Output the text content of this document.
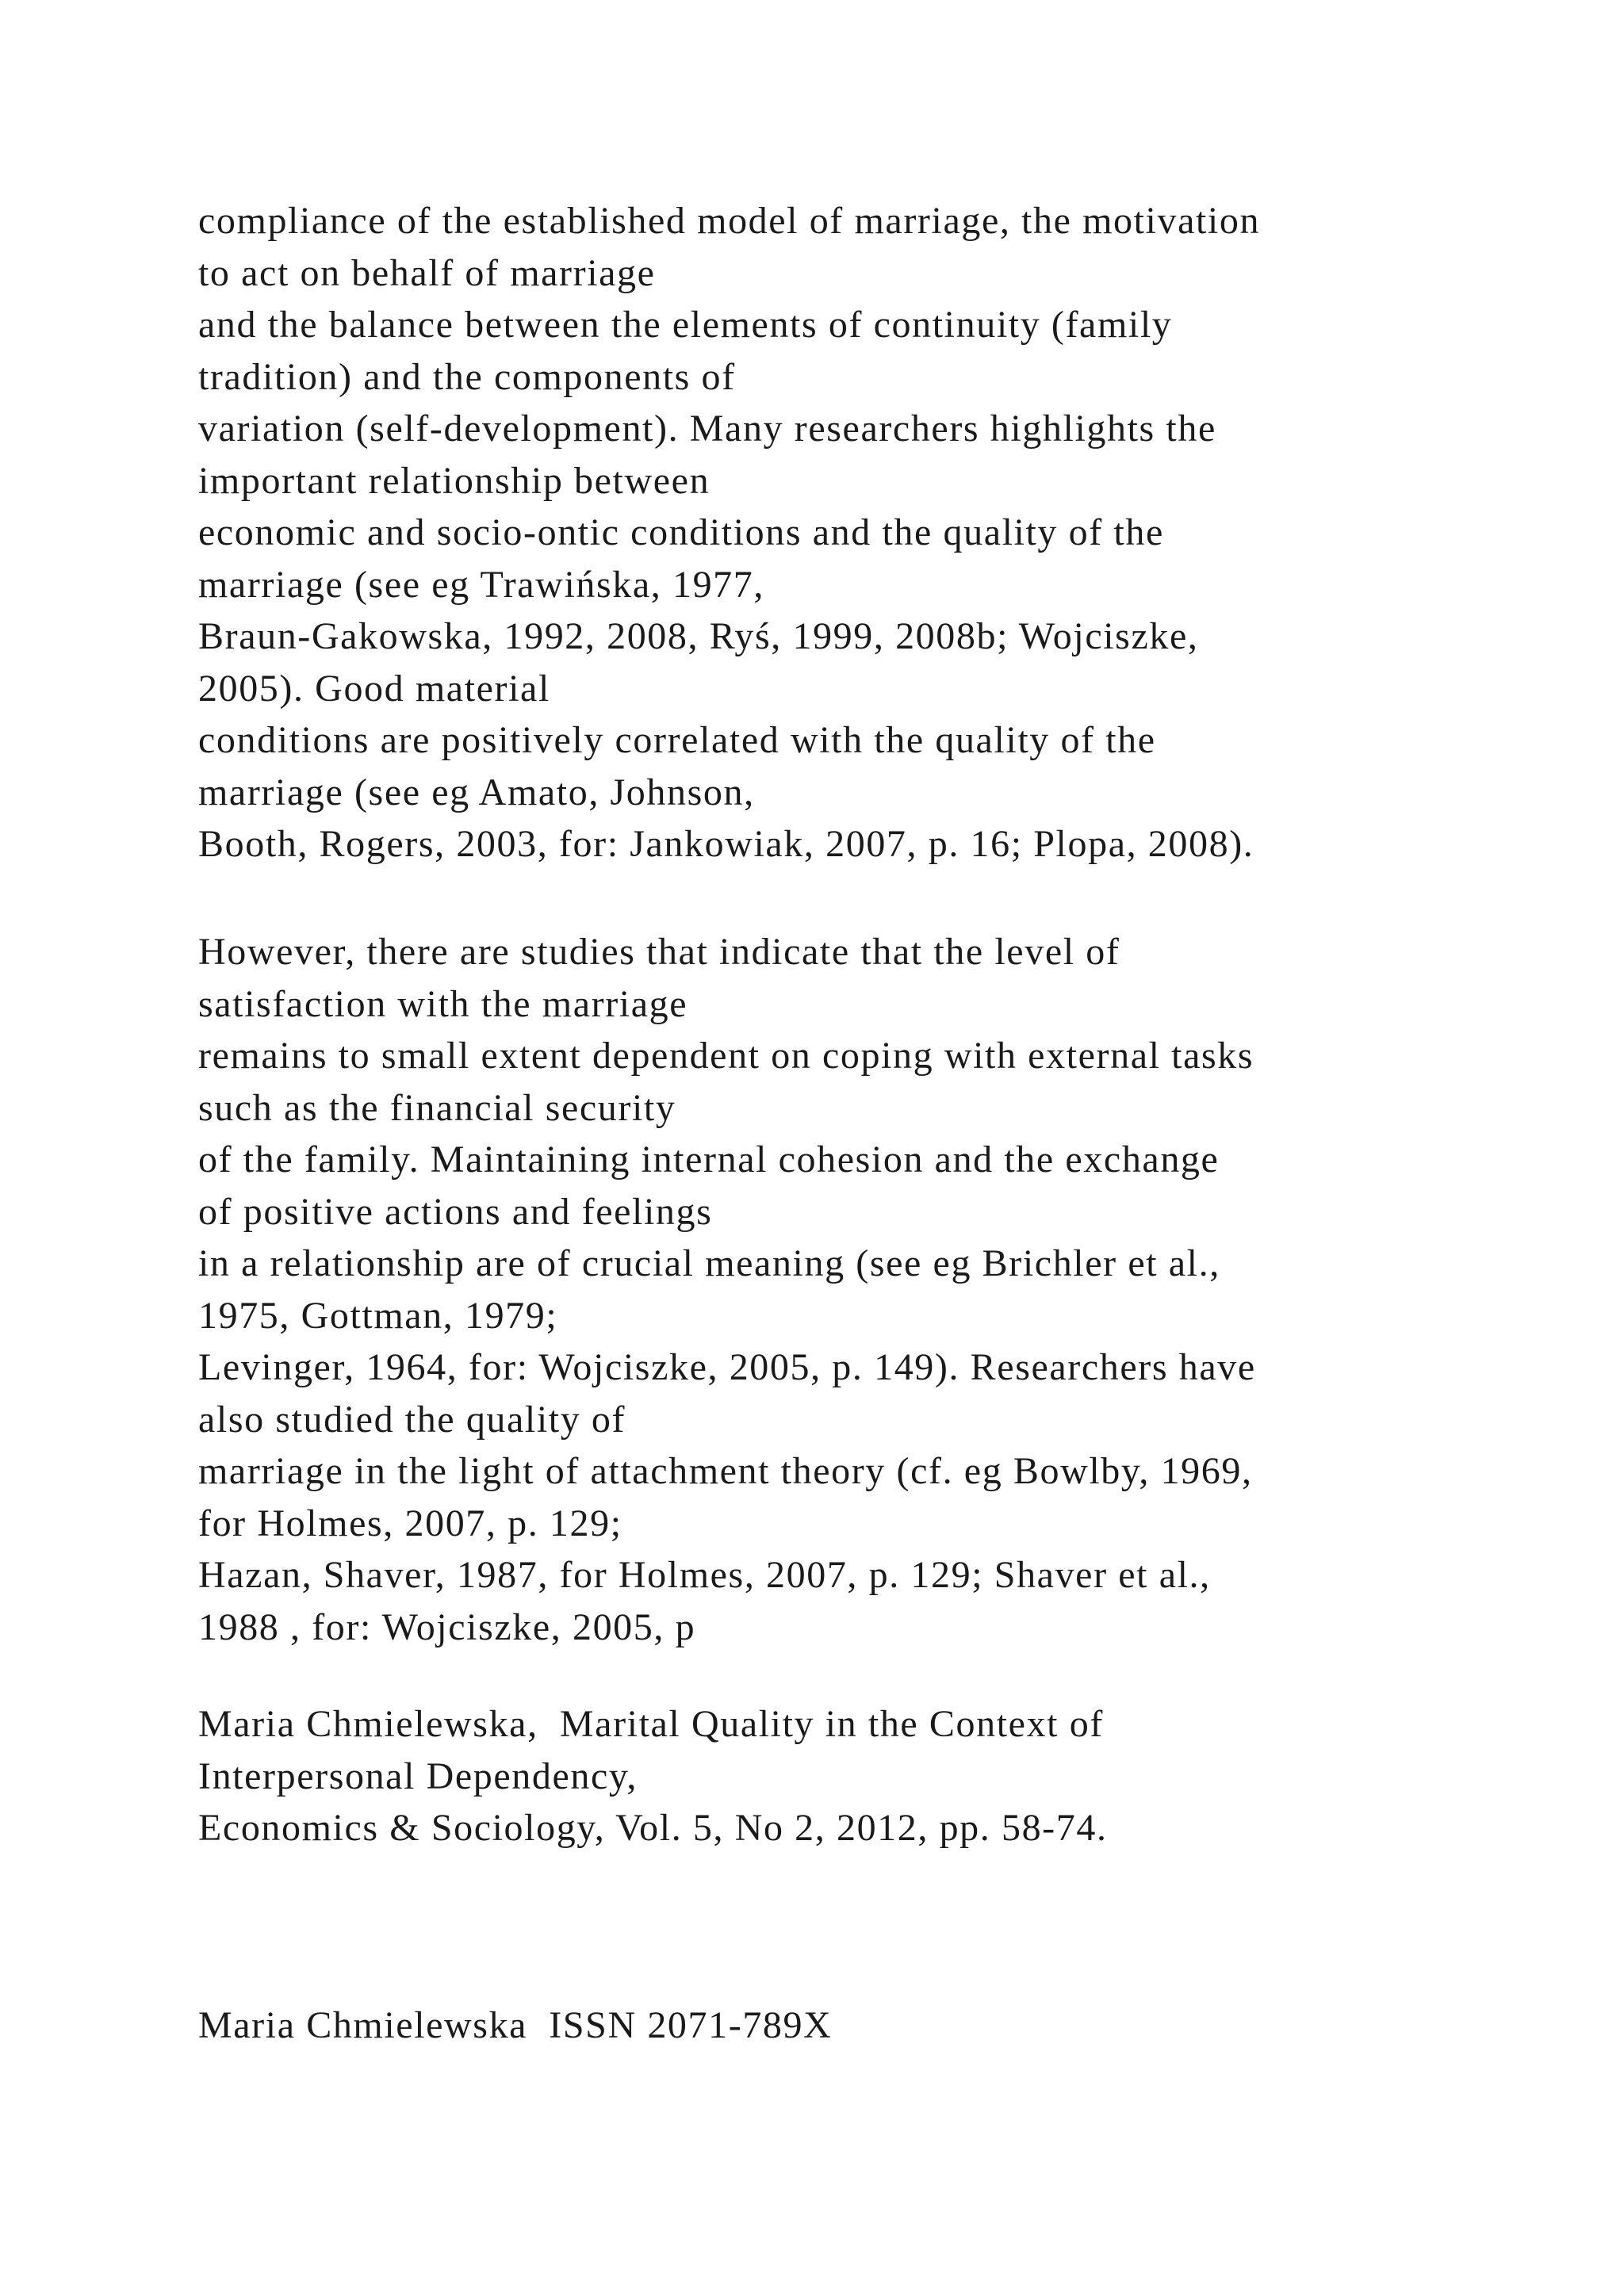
compliance of the established model of marriage, the motivation
to act on behalf of marriage
and the balance between the elements of continuity (family
tradition) and the components of
variation (self-development). Many researchers highlights the
important relationship between
economic and socio-ontic conditions and the quality of the
marriage (see eg Trawińska, 1977,
Braun-Gakowska, 1992, 2008, Ryś, 1999, 2008b; Wojciszke,
2005). Good material
conditions are positively correlated with the quality of the
marriage (see eg Amato, Johnson,
Booth, Rogers, 2003, for: Jankowiak, 2007, p. 16; Plopa, 2008).
However, there are studies that indicate that the level of
satisfaction with the marriage
remains to small extent dependent on coping with external tasks
such as the financial security
of the family. Maintaining internal cohesion and the exchange
of positive actions and feelings
in a relationship are of crucial meaning (see eg Brichler et al.,
1975, Gottman, 1979;
Levinger, 1964, for: Wojciszke, 2005, p. 149). Researchers have
also studied the quality of
marriage in the light of attachment theory (cf. eg Bowlby, 1969,
for Holmes, 2007, p. 129;
Hazan, Shaver, 1987, for Holmes, 2007, p. 129; Shaver et al.,
1988 , for: Wojciszke, 2005, p
Maria Chmielewska,  Marital Quality in the Context of
Interpersonal Dependency,
Economics & Sociology, Vol. 5, No 2, 2012, pp. 58-74.
Maria Chmielewska  ISSN 2071-789X
